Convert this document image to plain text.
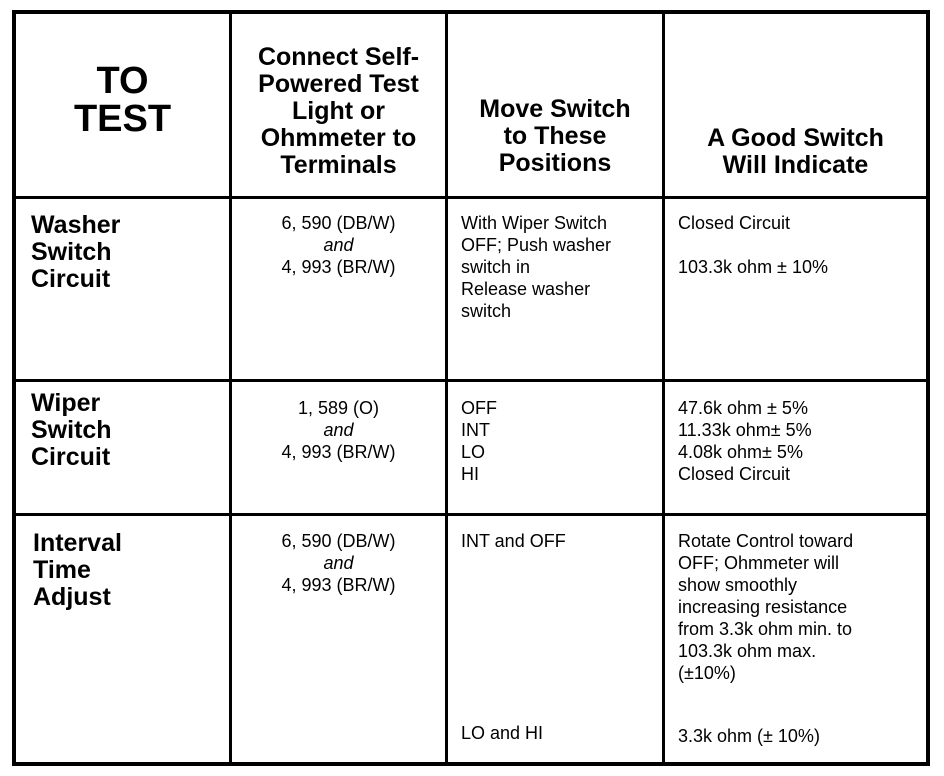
TO
TEST
Connect Self-
Powered Test
Light or
Ohmmeter to
Terminals
Move Switch
to These
Positions
A Good Switch
Will Indicate
Washer
Switch
Circuit
6, 590 (DB/W)
and
4, 993 (BR/W)
With Wiper Switch
OFF; Push washer
switch in
Release washer
switch
Closed Circuit
103.3k ohm ± 10%
Wiper
Switch
Circuit
1, 589 (O)
and
4, 993 (BR/W)
OFF
INT
LO
HI
47.6k ohm ± 5%
11.33k ohm± 5%
4.08k ohm± 5%
Closed Circuit
Interval
Time
Adjust
6, 590 (DB/W)
and
4, 993 (BR/W)
INT and OFF
LO and HI
Rotate Control toward
OFF; Ohmmeter will
show smoothly
increasing resistance
from 3.3k ohm min. to
103.3k ohm max.
(±10%)
3.3k ohm (± 10%)
